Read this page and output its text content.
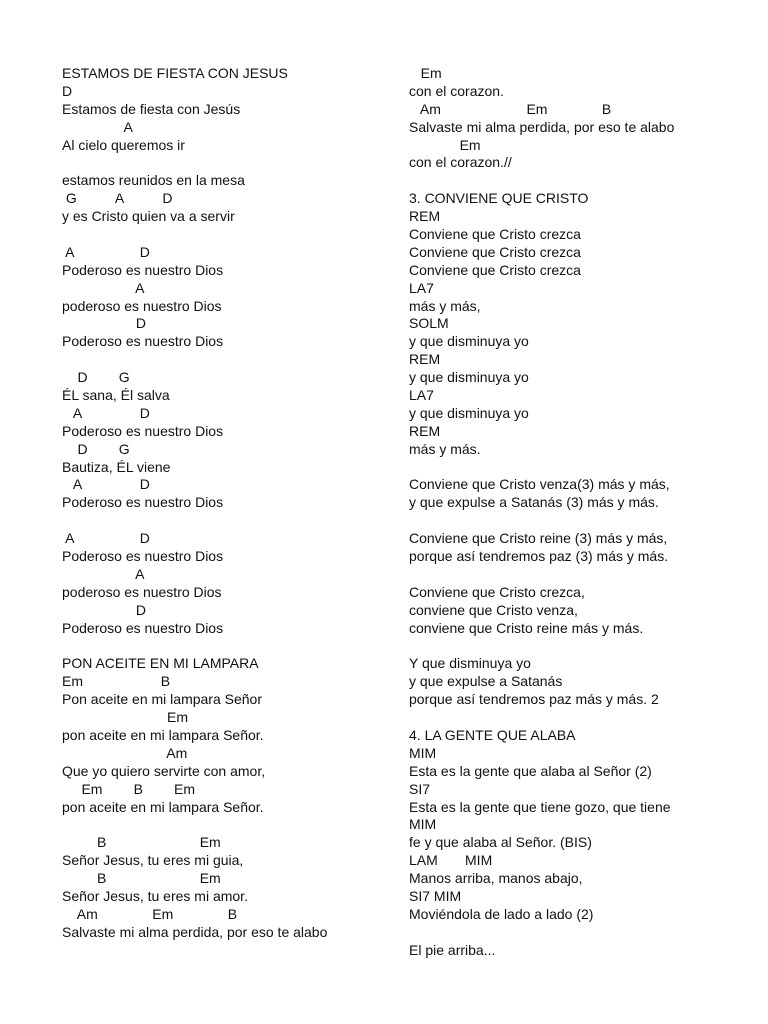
ESTAMOS DE FIESTA CON JESUS
D
Estamos de fiesta con Jesús
A
Al cielo queremos ir
estamos reunidos en la mesa
G          A          D
y es Cristo quien va a servir
A                 D
Poderoso es nuestro Dios
A
poderoso es nuestro Dios
D
Poderoso es nuestro Dios
D        G
ÉL sana, Él salva
A               D
Poderoso es nuestro Dios
D        G
Bautiza, ÉL viene
A               D
Poderoso es nuestro Dios
A                 D
Poderoso es nuestro Dios
A
poderoso es nuestro Dios
D
Poderoso es nuestro Dios
PON ACEITE EN MI LAMPARA
Em                    B
Pon aceite en mi lampara Señor
Em
pon aceite en mi lampara Señor.
Am
Que yo quiero servirte con amor,
Em        B        Em
pon aceite en mi lampara Señor.
B                        Em
Señor Jesus, tu eres mi guia,
B                        Em
Señor Jesus, tu eres mi amor.
Am              Em              B
Salvaste mi alma perdida, por eso te alabo
Em
con el corazon.
Am                      Em              B
Salvaste mi alma perdida, por eso te alabo
Em
con el corazon.//
3. CONVIENE QUE CRISTO
REM
Conviene que Cristo crezca
Conviene que Cristo crezca
Conviene que Cristo crezca
LA7
más y más,
SOLM
y que disminuya yo
REM
y que disminuya yo
LA7
y que disminuya yo
REM
más y más.
Conviene que Cristo venza(3) más y más,
y que expulse a Satanás (3) más y más.
Conviene que Cristo reine (3) más y más,
porque así tendremos paz (3) más y más.
Conviene que Cristo crezca,
conviene que Cristo venza,
conviene que Cristo reine más y más.
Y que disminuya yo
y que expulse a Satanás
porque así tendremos paz más y más. 2
4. LA GENTE QUE ALABA
MIM
Esta es la gente que alaba al Señor (2)
SI7
Esta es la gente que tiene gozo, que tiene
MIM
fe y que alaba al Señor. (BIS)
LAM       MIM
Manos arriba, manos abajo,
SI7 MIM
Moviéndola de lado a lado (2)
El pie arriba...
